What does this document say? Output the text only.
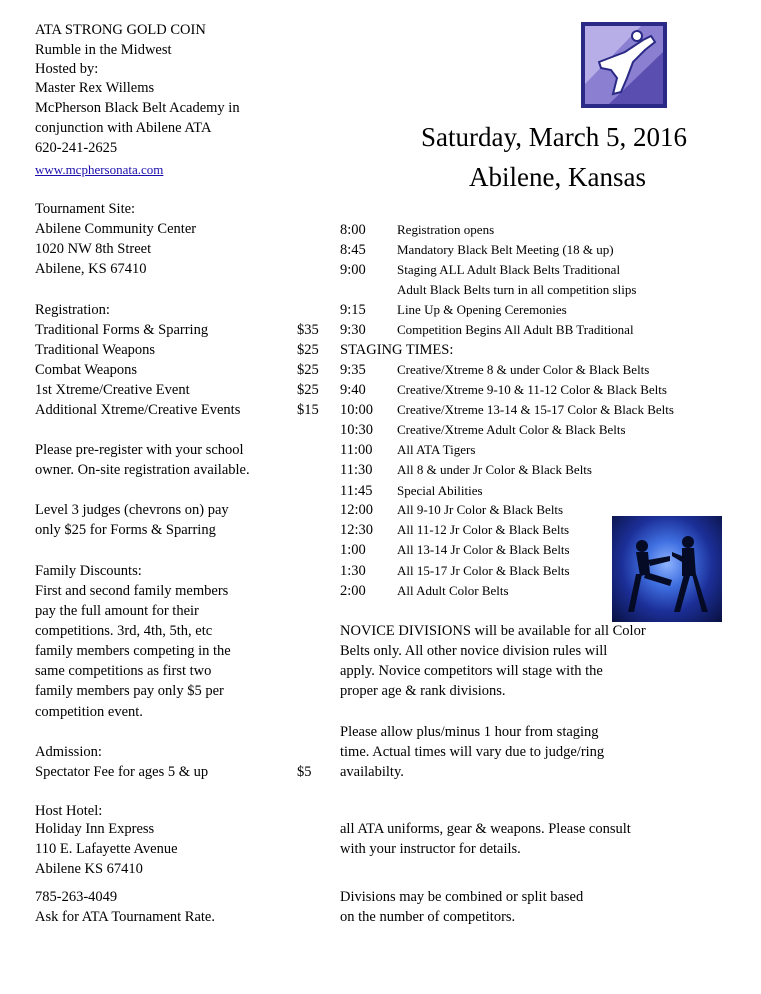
ATA STRONG GOLD COIN
Rumble in the Midwest
Hosted by:
Master Rex Willems
McPherson Black Belt Academy in
conjunction with Abilene ATA
620-241-2625
www.mcphersonata.com
Tournament Site:
Abilene Community Center
1020 NW 8th Street
Abilene, KS 67410
Registration:
Traditional Forms & Sparring	$35
Traditional Weapons	$25
Combat Weapons	$25
1st Xtreme/Creative Event	$25
Additional Xtreme/Creative Events	$15
Please pre-register with your school
owner. On-site registration available.
Level 3 judges (chevrons on) pay
only $25 for Forms & Sparring
Family Discounts:
First and second family members
pay the full amount for their
competitions. 3rd, 4th, 5th, etc
family members competing in the
same competitions as first two
family members pay only $5 per
competition event.
Admission:
Spectator Fee for ages 5 & up	$5
Host Hotel:
Holiday Inn Express
110 E. Lafayette Avenue
Abilene KS 67410
785-263-4049
Ask for ATA Tournament Rate.
Saturday, March 5, 2016
Abilene, Kansas
8:00 Registration opens
8:45 Mandatory Black Belt Meeting (18 & up)
9:00 Staging ALL Adult Black Belts Traditional
Adult Black Belts turn in all competition slips
9:15 Line Up & Opening Ceremonies
9:30 Competition Begins All Adult BB Traditional
STAGING TIMES:
9:35 Creative/Xtreme 8 & under Color & Black Belts
9:40 Creative/Xtreme 9-10 & 11-12 Color & Black Belts
10:00 Creative/Xtreme 13-14 & 15-17 Color & Black Belts
10:30 Creative/Xtreme Adult Color & Black Belts
11:00 All ATA Tigers
11:30 All 8 & under Jr Color & Black Belts
11:45 Special Abilities
12:00 All 9-10 Jr Color & Black Belts
12:30 All 11-12 Jr Color & Black Belts
1:00 All 13-14 Jr Color & Black Belts
1:30 All 15-17 Jr Color & Black Belts
2:00 All Adult Color Belts
NOVICE DIVISIONS will be available for all Color
Belts only. All other novice division rules will
apply. Novice competitors will stage with the
proper age & rank divisions.
Please allow plus/minus 1 hour from staging
time. Actual times will vary due to judge/ring
availabilty.
all ATA uniforms, gear & weapons. Please consult
with your instructor for details.
Divisions may be combined or split based
on the number of competitors.
